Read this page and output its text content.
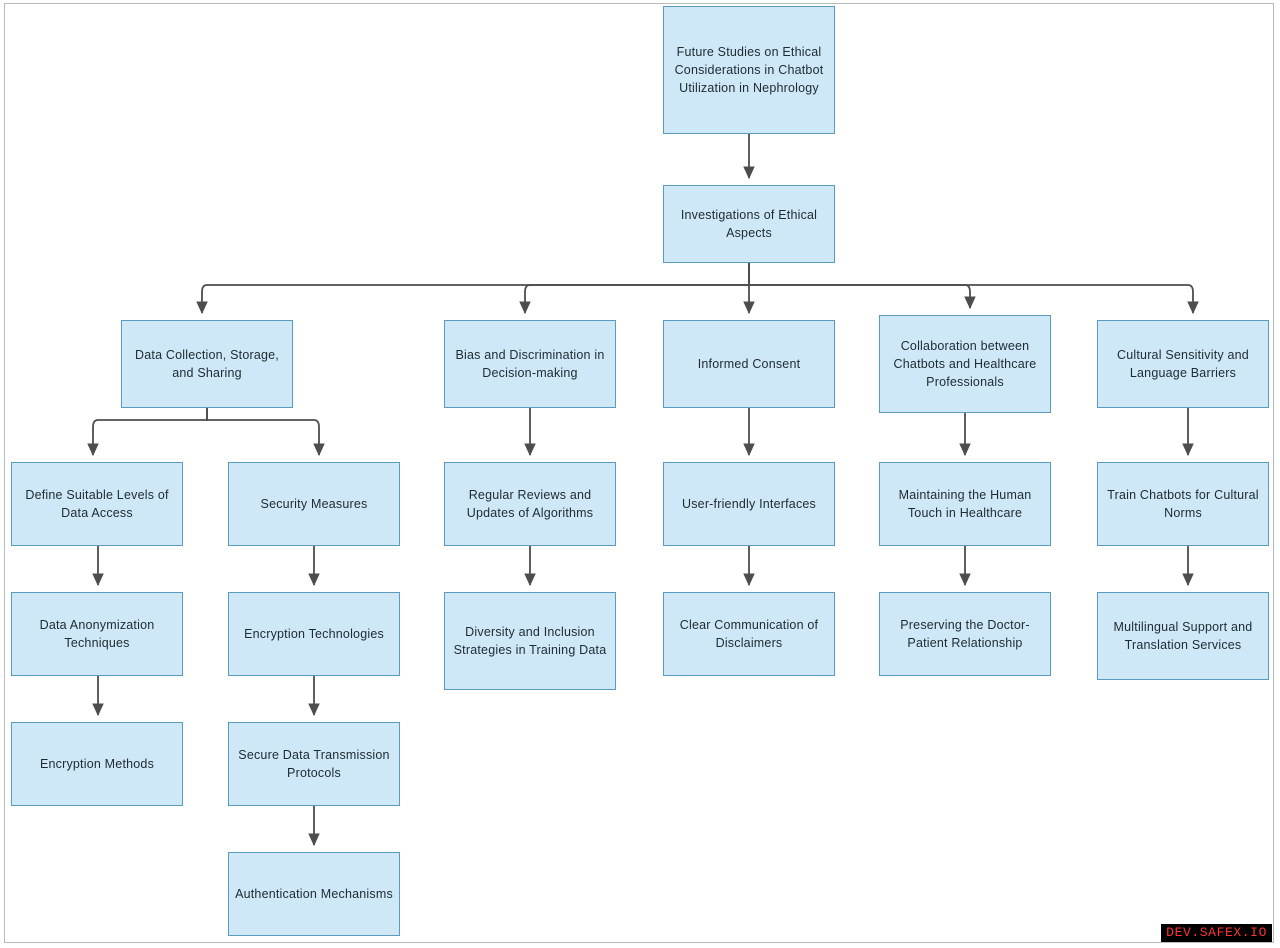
Future Studies on Ethical Considerations in Chatbot Utilization in Nephrology
Investigations of Ethical Aspects
Data Collection, Storage, and Sharing
Bias and Discrimination in Decision-making
Informed Consent
Collaboration between Chatbots and Healthcare Professionals
Cultural Sensitivity and Language Barriers
Define Suitable Levels of Data Access
Security Measures
Regular Reviews and Updates of Algorithms
User-friendly Interfaces
Maintaining the Human Touch in Healthcare
Train Chatbots for Cultural Norms
Data Anonymization Techniques
Encryption Technologies	Diversity and Inclusion Strategies in Training Data
Clear Communication of Disclaimers
Preserving the Doctor-Patient Relationship
Multilingual Support and Translation Services
Encryption Methods
Secure Data Transmission Protocols
Authentication Mechanisms
DEV.SAFEX.IO
